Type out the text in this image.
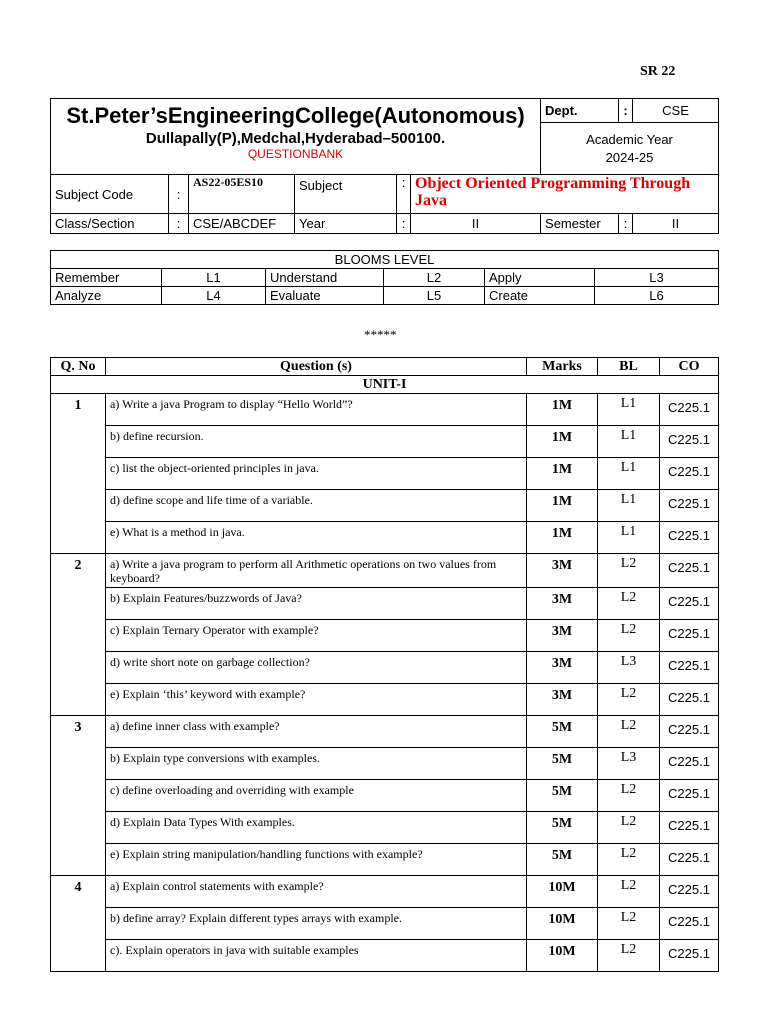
SR 22
St.Peter’sEngineeringCollege(Autonomous)
Dullapally(P),Medchal,Hyderabad–500100.
QUESTIONBANK						Dept.	:	CSE

						Academic Year
2024-25		

Subject Code	:	AS22-05ES10	Subject	:	Object Oriented Programming Through Java			
Class/Section	:	CSE/ABCDEF	Year	:	II	Semester	:	II
BLOOMS LEVEL					
Remember	L1	Understand	L2	Apply	L3
Analyze	L4	Evaluate	L5	Create	L6
*****
Q. No	Question (s)	Marks	BL	CO
UNIT-I				
1	a) Write a java Program to display “Hello World”?	1M	L1	C225.1
	b) define recursion.	1M	L1	C225.1
	c) list the object-oriented principles in java.	1M	L1	C225.1
	d) define scope and life time of a variable.	1M	L1	C225.1
	e) What is a method in java.	1M	L1	C225.1
2	a) Write a java program to perform all Arithmetic operations on two values from keyboard?	3M	L2	C225.1
	b) Explain Features/buzzwords of Java?	3M	L2	C225.1
	c) Explain Ternary Operator with example?	3M	L2	C225.1
	d) write short note on garbage collection?	3M	L3	C225.1
	e) Explain ‘this’ keyword with example?	3M	L2	C225.1
3	a) define inner class with example?	5M	L2	C225.1
	b) Explain type conversions with examples.	5M	L3	C225.1
	c) define overloading and overriding with example	5M	L2	C225.1
	d) Explain Data Types With examples.	5M	L2	C225.1
	e) Explain string manipulation/handling functions with example?	5M	L2	C225.1
4	a) Explain control statements with example?	10M	L2	C225.1
	b) define array? Explain different types arrays with example.	10M	L2	C225.1
	c). Explain operators in java with suitable examples	10M	L2	C225.1
